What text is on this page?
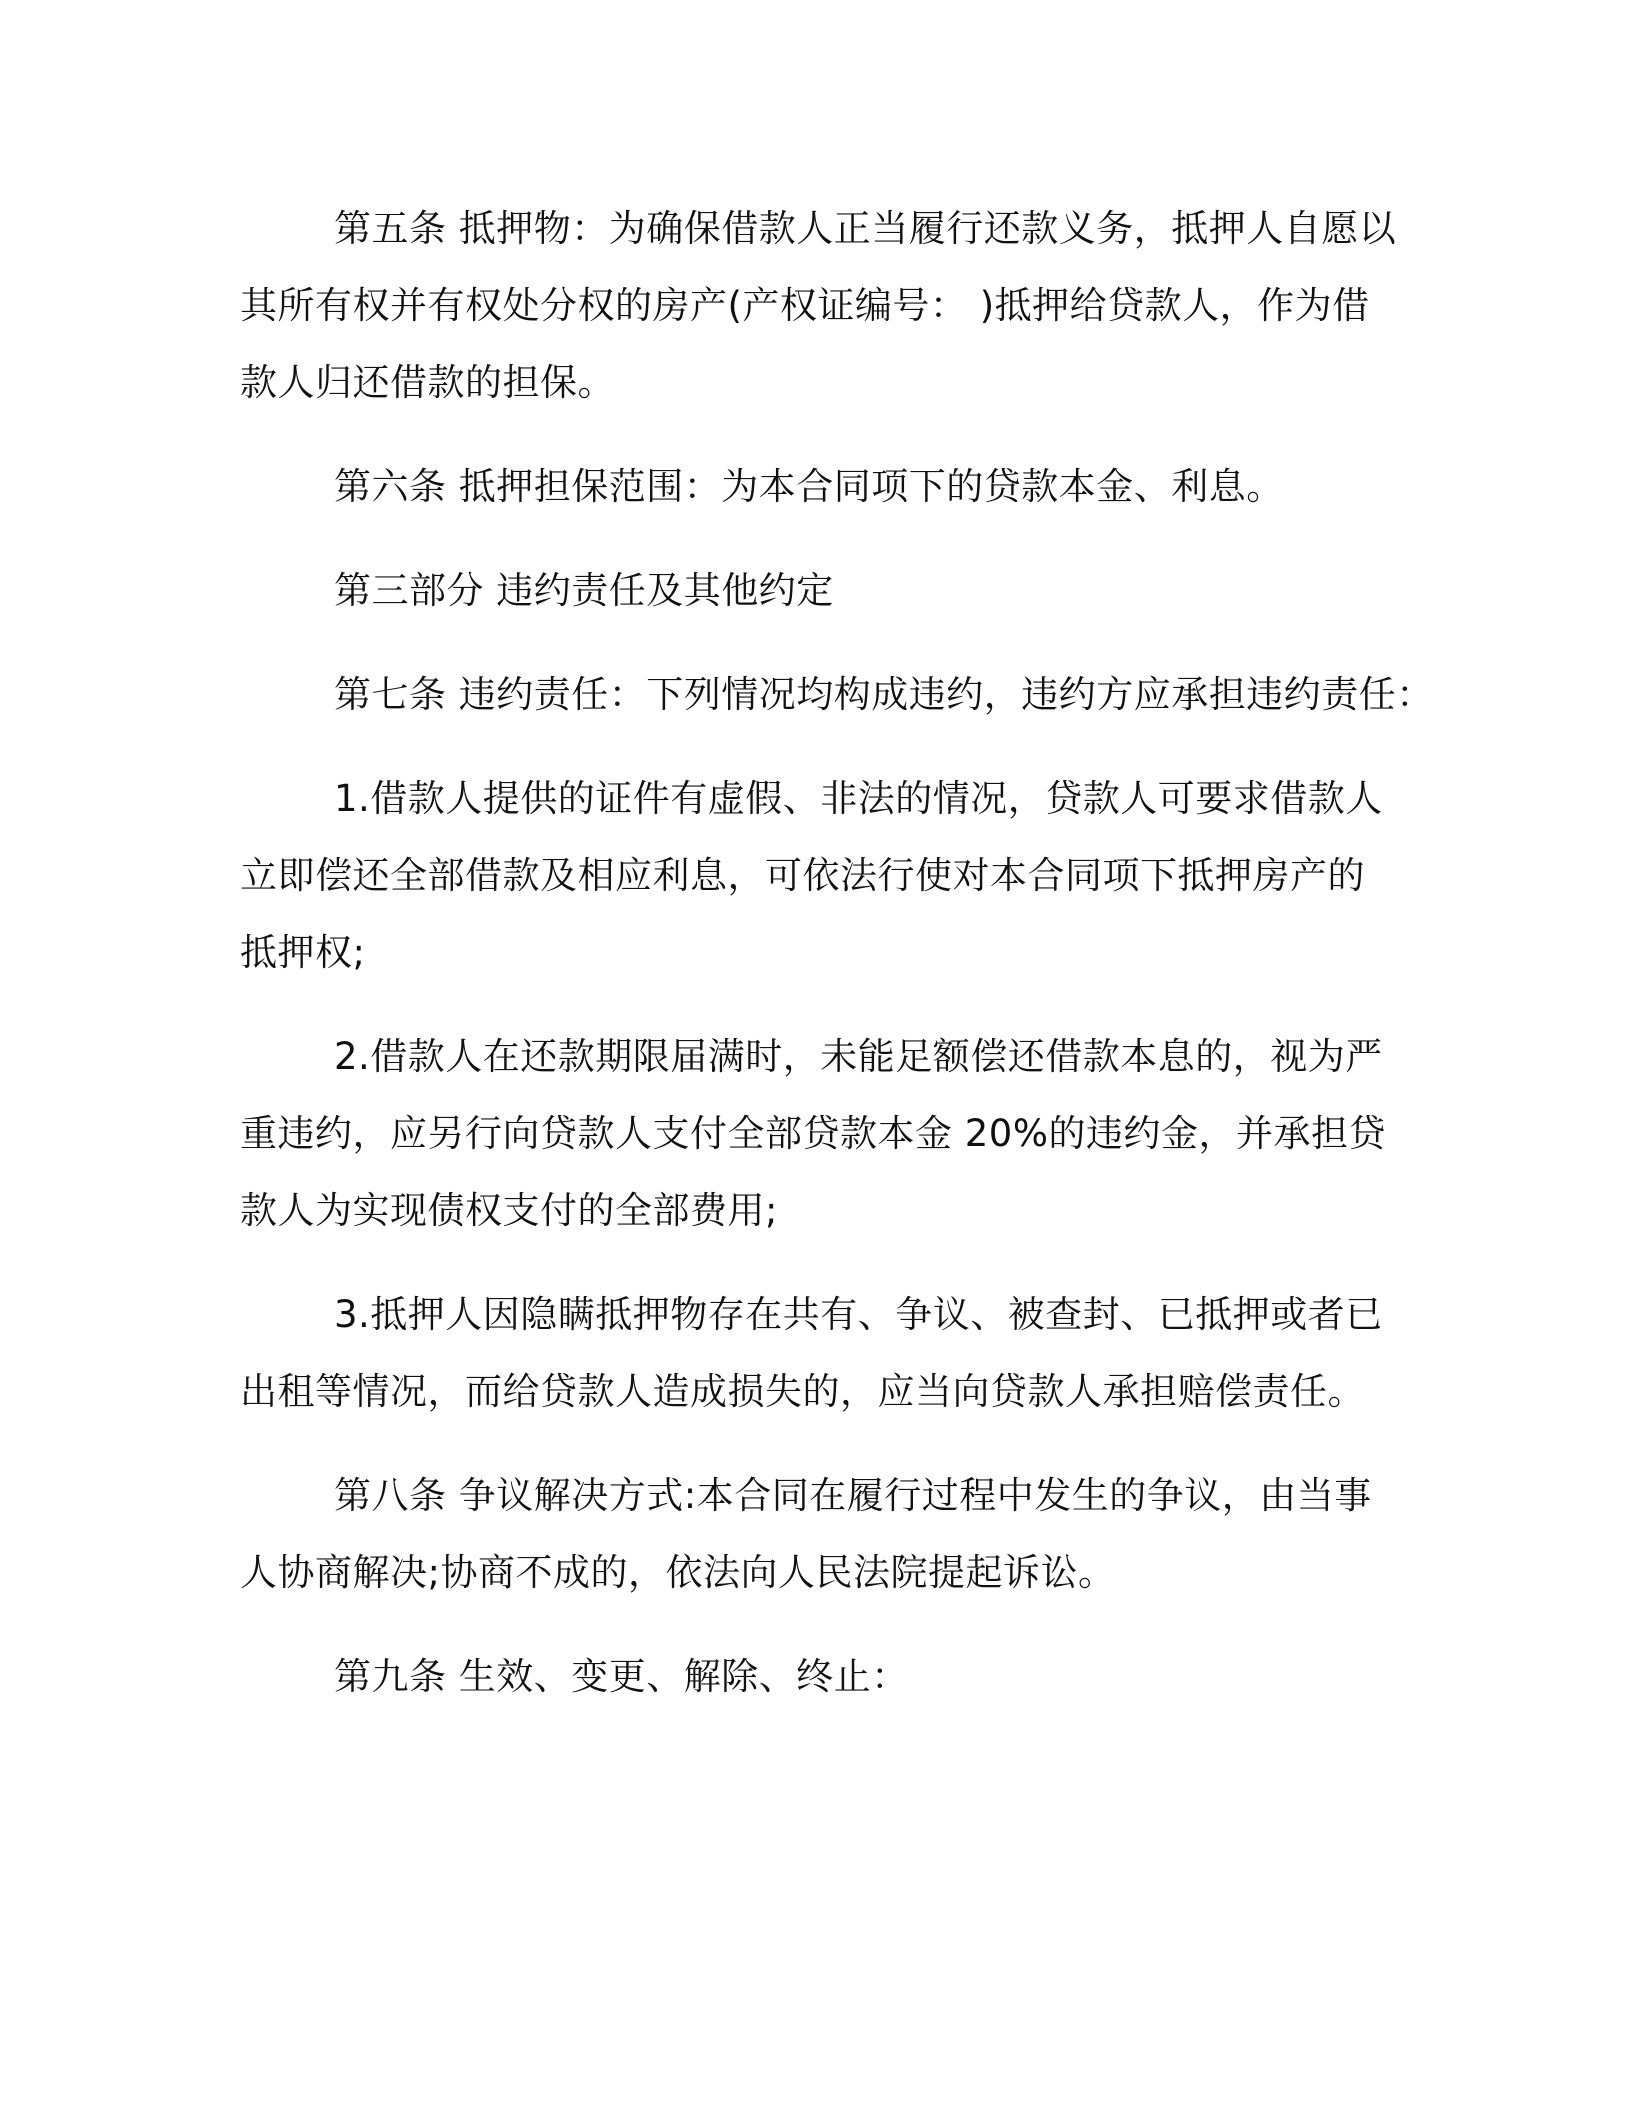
第五条 抵押物：为确保借款人正当履行还款义务，抵押人自愿以
其所有权并有权处分权的房产(产权证编号： )抵押给贷款人，作为借
款人归还借款的担保。

第六条 抵押担保范围：为本合同项下的贷款本金、利息。

第三部分 违约责任及其他约定

第七条 违约责任：下列情况均构成违约，违约方应承担违约责任：

1.借款人提供的证件有虚假、非法的情况，贷款人可要求借款人
立即偿还全部借款及相应利息，可依法行使对本合同项下抵押房产的
抵押权;

2.借款人在还款期限届满时，未能足额偿还借款本息的，视为严
重违约，应另行向贷款人支付全部贷款本金 20%的违约金，并承担贷
款人为实现债权支付的全部费用;

3.抵押人因隐瞒抵押物存在共有、争议、被查封、已抵押或者已
出租等情况，而给贷款人造成损失的，应当向贷款人承担赔偿责任。

第八条 争议解决方式:本合同在履行过程中发生的争议，由当事
人协商解决;协商不成的，依法向人民法院提起诉讼。

第九条 生效、变更、解除、终止：
